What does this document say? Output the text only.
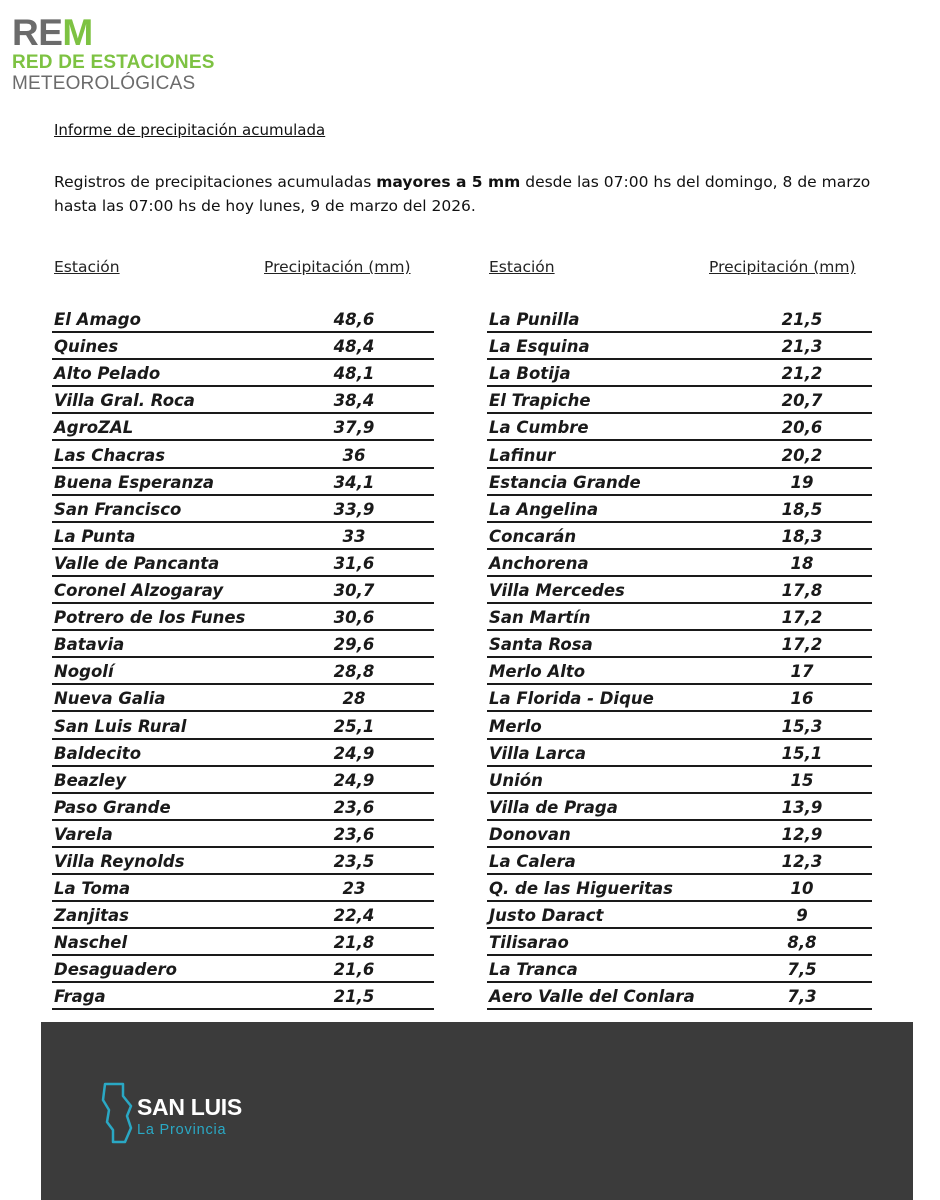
REM
RED DE ESTACIONES
METEOROLÓGICAS
Informe de precipitación acumulada
Registros de precipitaciones acumuladas mayores a 5 mm desde las 07:00 hs del domingo, 8 de marzo hasta las 07:00 hs de hoy lunes, 9 de marzo del 2026.
Estación	Precipitación (mm)
El Amago	48,6
Quines	48,4
Alto Pelado	48,1
Villa Gral. Roca	38,4
AgroZAL	37,9
Las Chacras	36
Buena Esperanza	34,1
San Francisco	33,9
La Punta	33
Valle de Pancanta	31,6
Coronel Alzogaray	30,7
Potrero de los Funes	30,6
Batavia	29,6
Nogolí	28,8
Nueva Galia	28
San Luis Rural	25,1
Baldecito	24,9
Beazley	24,9
Paso Grande	23,6
Varela	23,6
Villa Reynolds	23,5
La Toma	23
Zanjitas	22,4
Naschel	21,8
Desaguadero	21,6
Fraga	21,5
Estación	Precipitación (mm)
La Punilla	21,5
La Esquina	21,3
La Botija	21,2
El Trapiche	20,7
La Cumbre	20,6
Lafinur	20,2
Estancia Grande	19
La Angelina	18,5
Concarán	18,3
Anchorena	18
Villa Mercedes	17,8
San Martín	17,2
Santa Rosa	17,2
Merlo Alto	17
La Florida - Dique	16
Merlo	15,3
Villa Larca	15,1
Unión	15
Villa de Praga	13,9
Donovan	12,9
La Calera	12,3
Q. de las Higueritas	10
Justo Daract	9
Tilisarao	8,8
La Tranca	7,5
Aero Valle del Conlara	7,3
SAN LUIS
La Provincia
